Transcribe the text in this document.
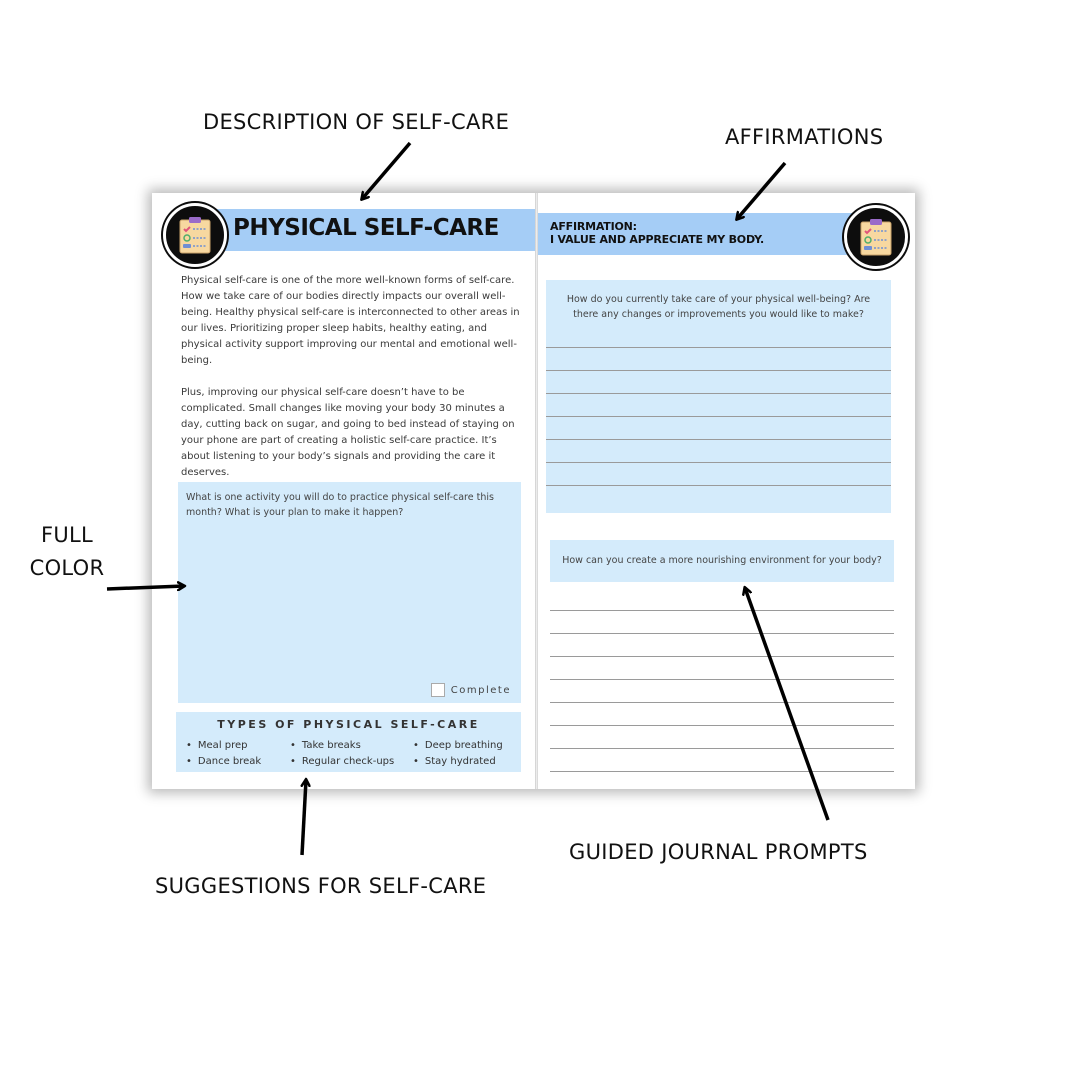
DESCRIPTION OF SELF-CARE
AFFIRMATIONS
FULL COLOR
GUIDED JOURNAL PROMPTS
SUGGESTIONS FOR SELF-CARE
PHYSICAL SELF-CARE

Physical self-care is one of the more well-known forms of self-care. How we take care of our bodies directly impacts our overall well-being. Healthy physical self-care is interconnected to other areas in our lives. Prioritizing proper sleep habits, healthy eating, and physical activity support improving our mental and emotional well-being.

Plus, improving our physical self-care doesn’t have to be complicated. Small changes like moving your body 30 minutes a day, cutting back on sugar, and going to bed instead of staying on your phone are part of creating a holistic self-care practice. It’s about listening to your body’s signals and providing the care it deserves.

What is one activity you will do to practice physical self-care this month? What is your plan to make it happen?
Complete
TYPES OF PHYSICAL SELF-CARE
• Meal prep
• Dance break
• Take breaks
• Regular check-ups
• Deep breathing
• Stay hydrated
AFFIRMATION:
I VALUE AND APPRECIATE MY BODY.
How do you currently take care of your physical well-being? Are there any changes or improvements you would like to make?
How can you create a more nourishing environment for your body?
